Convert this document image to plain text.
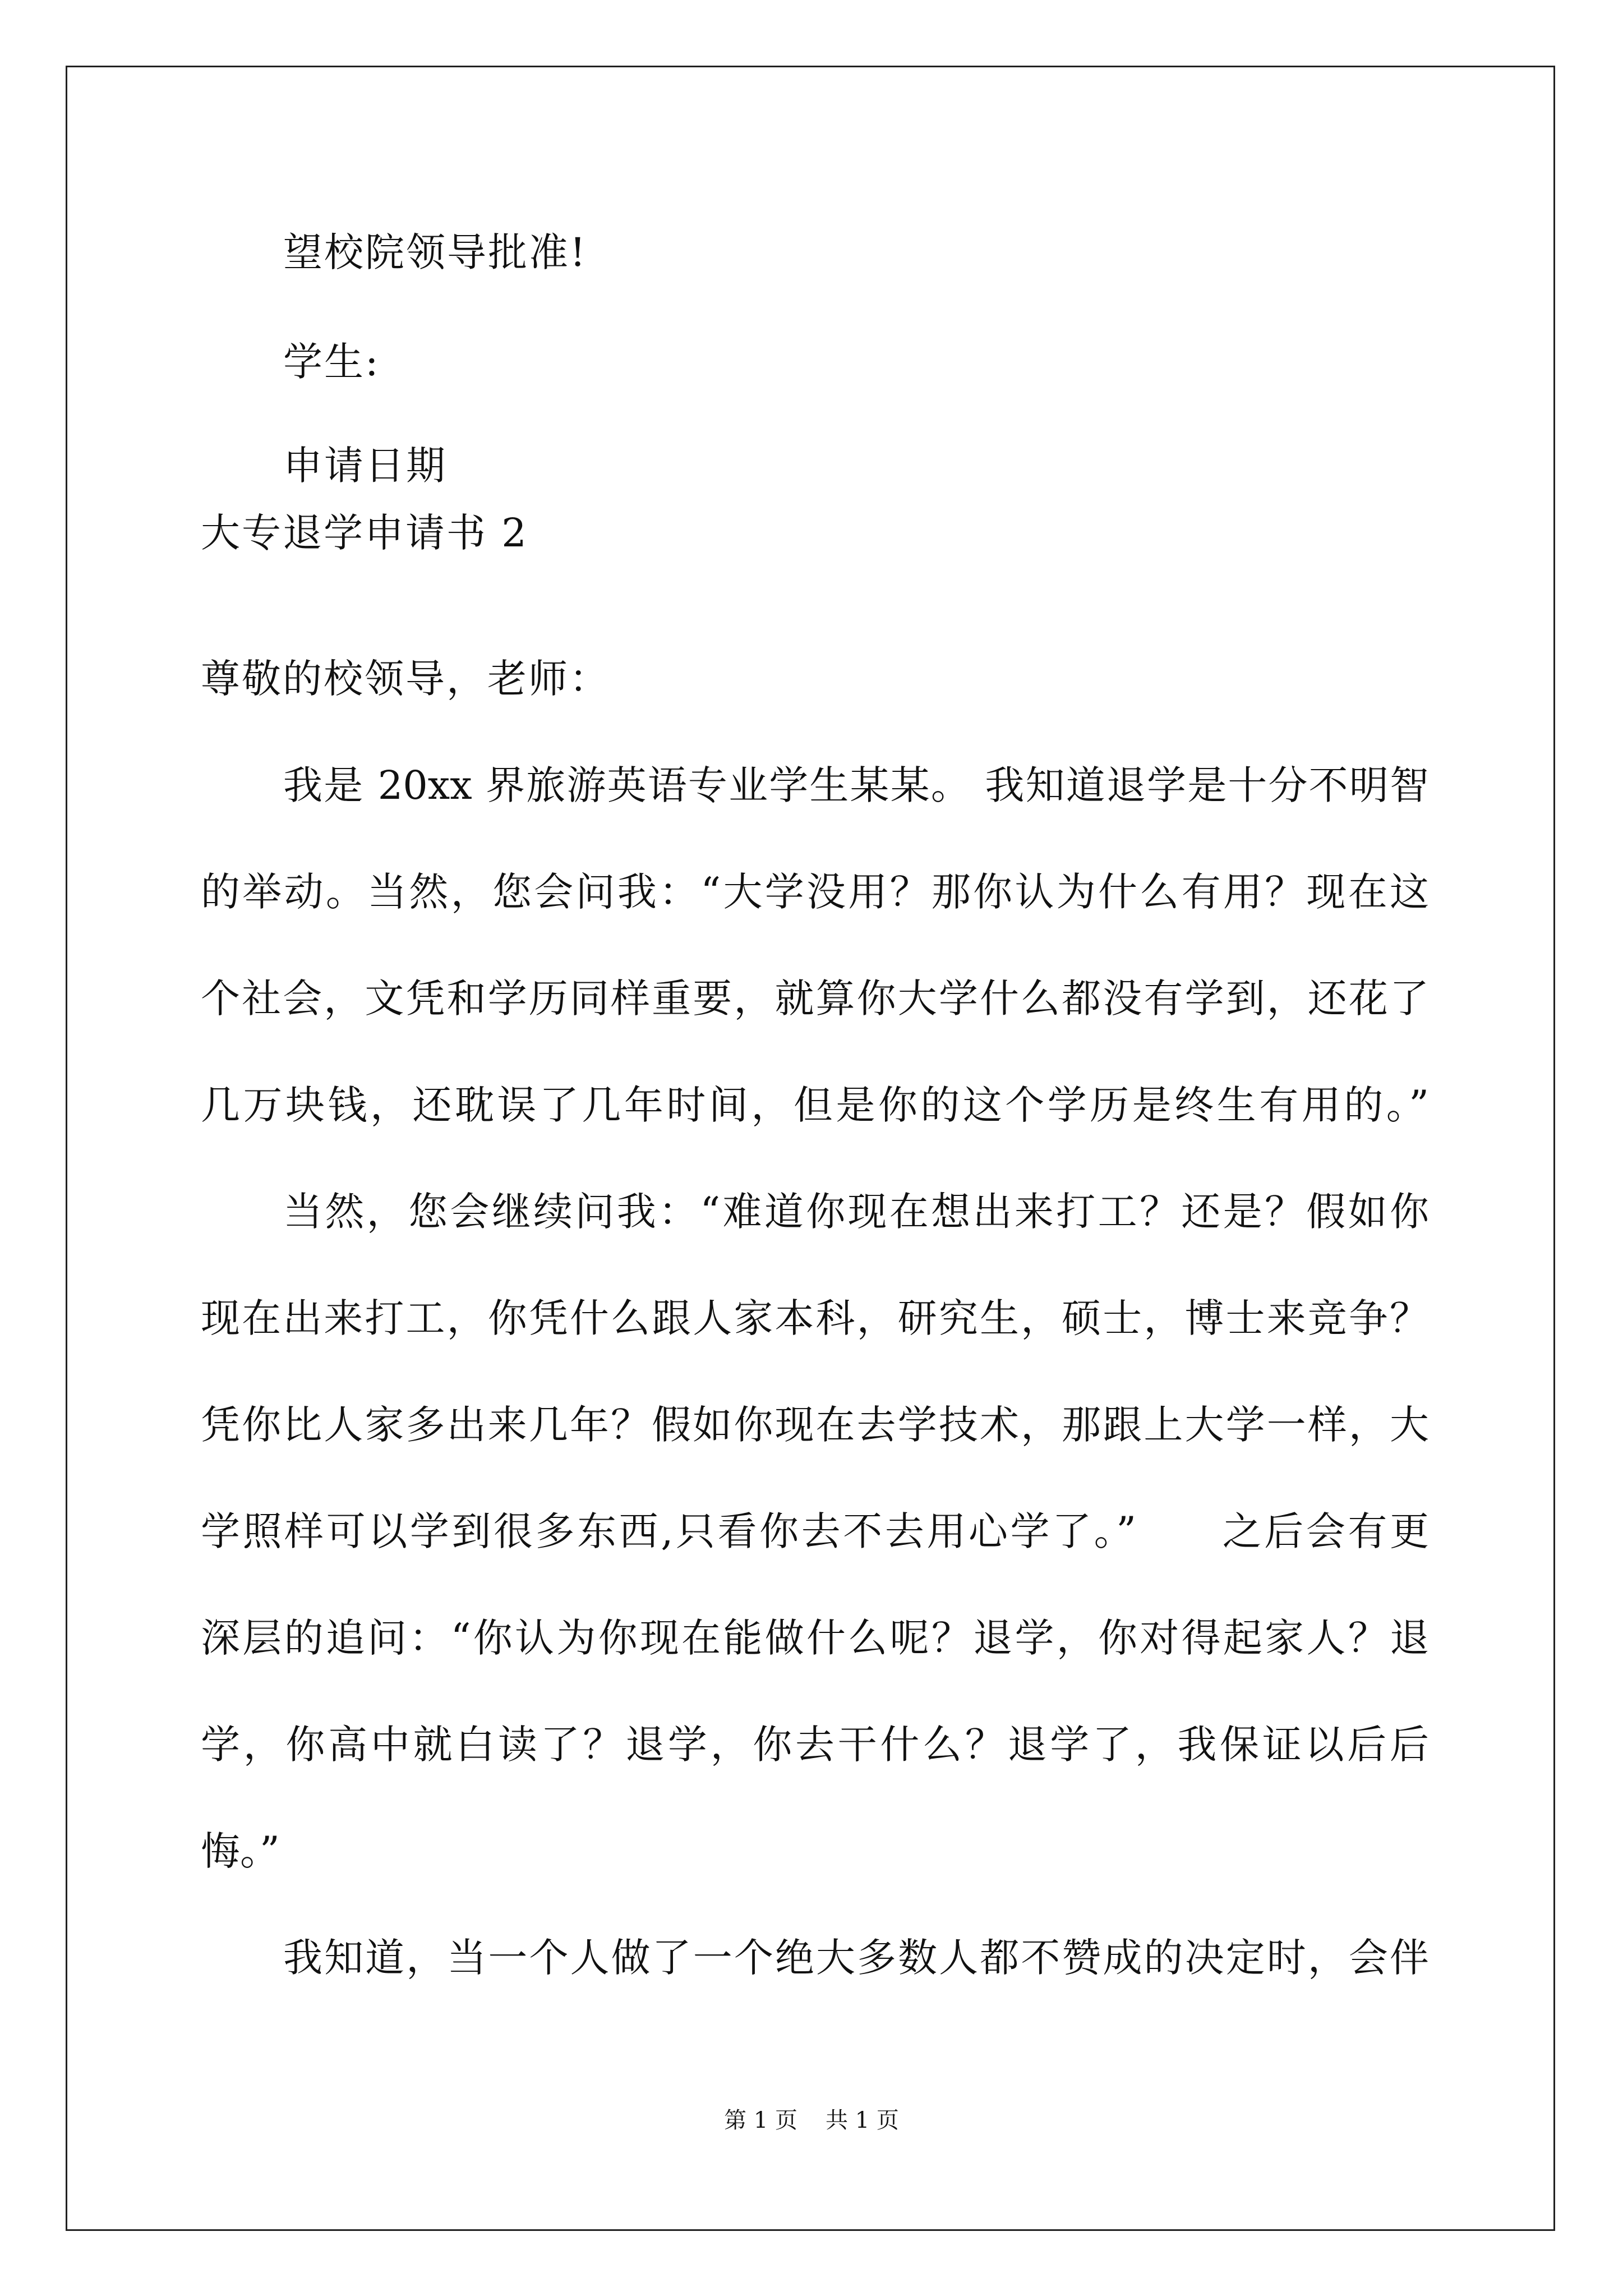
望校院领导批准!
学生:
申请日期
大专退学申请书 2
尊敬的校领导，老师：
我是 20xx 界旅游英语专业学生某某。 我知道退学是十分不明智
的举动。当然，您会问我：“大学没用？那你认为什么有用？现在这
个社会，文凭和学历同样重要，就算你大学什么都没有学到，还花了
几万块钱，还耽误了几年时间，但是你的这个学历是终生有用的。”
当然，您会继续问我：“难道你现在想出来打工？还是？假如你
现在出来打工，你凭什么跟人家本科，研究生，硕士，博士来竞争？
凭你比人家多出来几年？假如你现在去学技术，那跟上大学一样，大
学照样可以学到很多东西,只看你去不去用心学了。”　　之后会有更
深层的追问：“你认为你现在能做什么呢？退学，你对得起家人？退
学，你高中就白读了？退学，你去干什么？退学了，我保证以后后
悔。”
我知道，当一个人做了一个绝大多数人都不赞成的决定时，会伴
第 1 页 共 1 页
